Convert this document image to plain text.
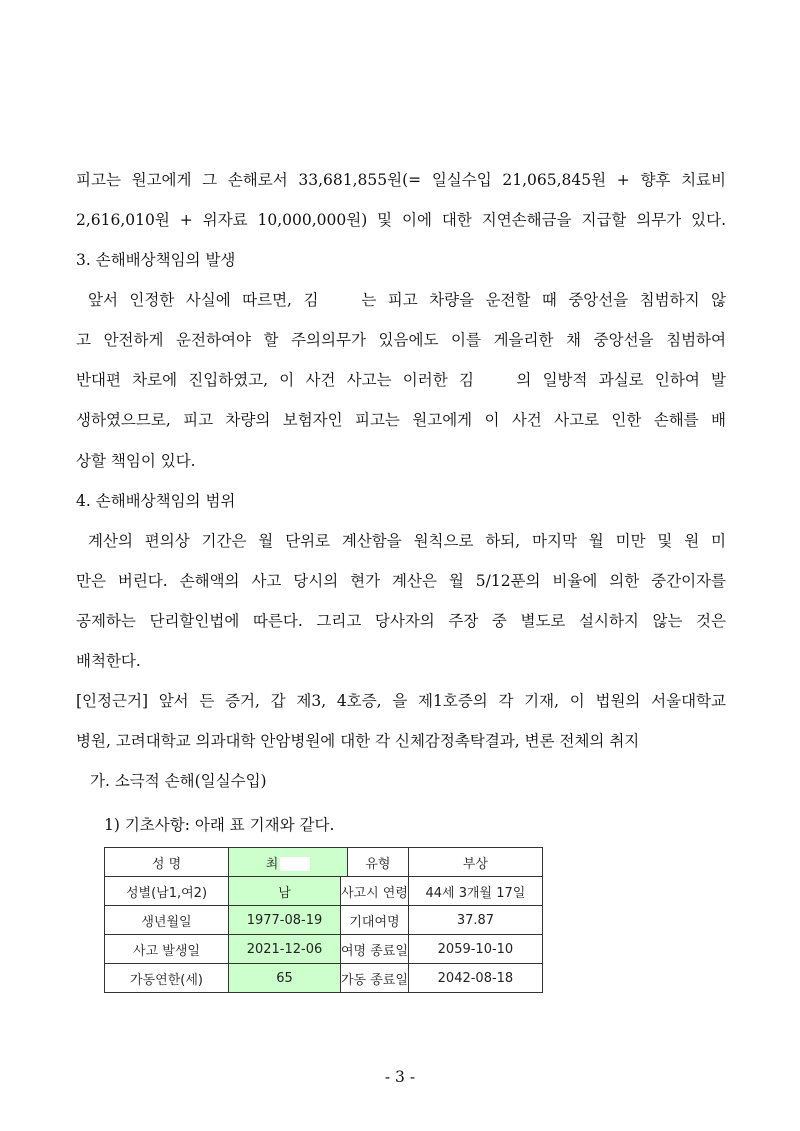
피고는 원고에게 그 손해로서 33,681,855원(= 일실수입 21,065,845원 + 향후 치료비
2,616,010원 + 위자료 10,000,000원) 및 이에 대한 지연손해금을 지급할 의무가 있다.
3. 손해배상책임의 발생
앞서 인정한 사실에 따르면, 김	는 피고 차량을 운전할 때 중앙선을 침범하지 않
고 안전하게 운전하여야 할 주의의무가 있음에도 이를 게을리한 채 중앙선을 침범하여
반대편 차로에 진입하였고, 이 사건 사고는 이러한 김	의 일방적 과실로 인하여 발
생하였으므로, 피고 차량의 보험자인 피고는 원고에게 이 사건 사고로 인한 손해를 배
상할 책임이 있다.
4. 손해배상책임의 범위
계산의 편의상 기간은 월 단위로 계산함을 원칙으로 하되, 마지막 월 미만 및 원 미
만은 버린다. 손해액의 사고 당시의 현가 계산은 월 5/12푼의 비율에 의한 중간이자를
공제하는 단리할인법에 따른다. 그리고 당사자의 주장 중 별도로 설시하지 않는 것은
배척한다.
[인정근거] 앞서 든 증거, 갑 제3, 4호증, 을 제1호증의 각 기재, 이 법원의 서울대학교
병원, 고려대학교 의과대학 안암병원에 대한 각 신체감정촉탁결과, 변론 전체의 취지
가. 소극적 손해(일실수입)
1) 기초사항: 아래 표 기재와 같다.
성 명	최		유형	부상
성별(남1,여2)	남	사고시 연령		44세 3개월 17일
생년월일	1977-08-19	기대여명		37.87
사고 발생일	2021-12-06	여명 종료일		2059-10-10
가동연한(세)	65	가동 종료일		2042-08-18
- 3 -
